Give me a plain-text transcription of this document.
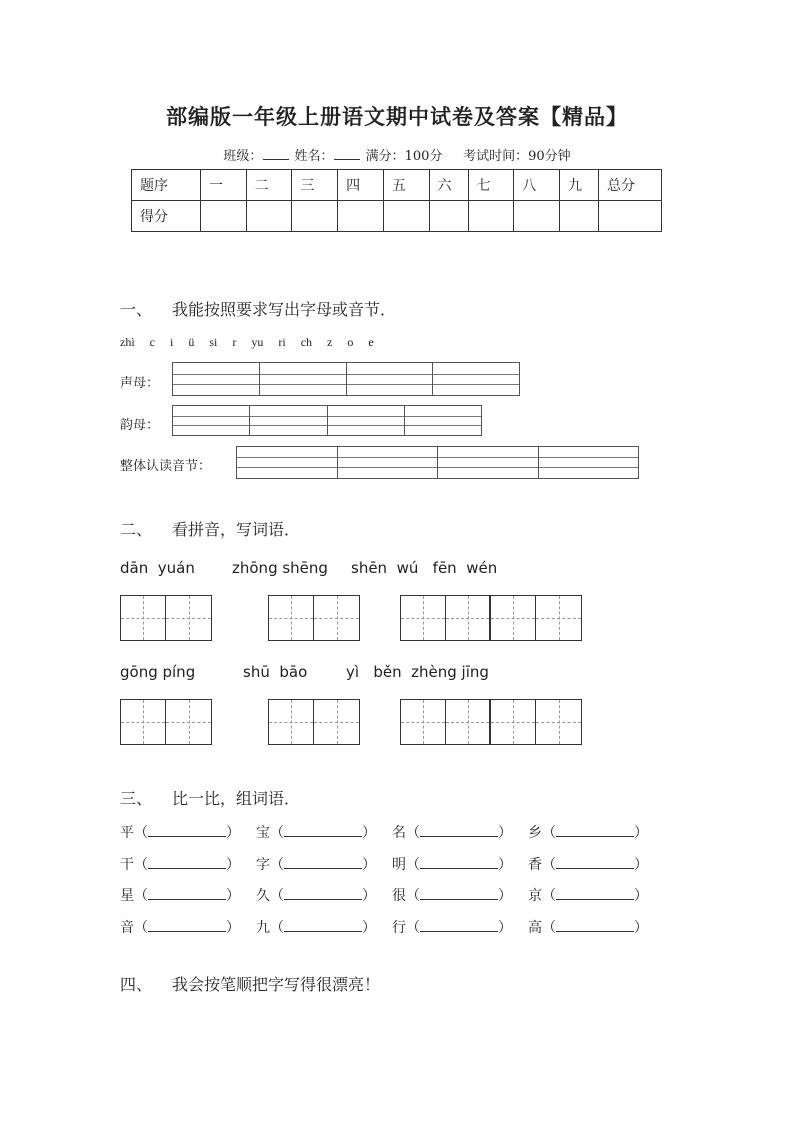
部编版一年级上册语文期中试卷及答案【精品】
班级： 姓名： 满分：100分 考试时间：90分钟
题序	一	二	三	四	五	六	七	八	九	总分
得分										
一、 我能按照要求写出字母或音节．
zhì c i ü si r yu ri ch z o e
声母：
韵母：
整体认读音节：
二、 看拼音，写词语．
dān  yuán zhōng shēng shēn  wú   fēn  wén
gōng píng	shū  bāo	yì   běn  zhèng jīng
三、 比一比，组词语．
平（	） 宝（	） 名（	） 乡（	）
干（	） 字（	） 明（	） 香（	）
星（	） 久（	） 很（	） 京（	）
音（	） 九（	） 行（	） 高（	）
四、 我会按笔顺把字写得很漂亮！
